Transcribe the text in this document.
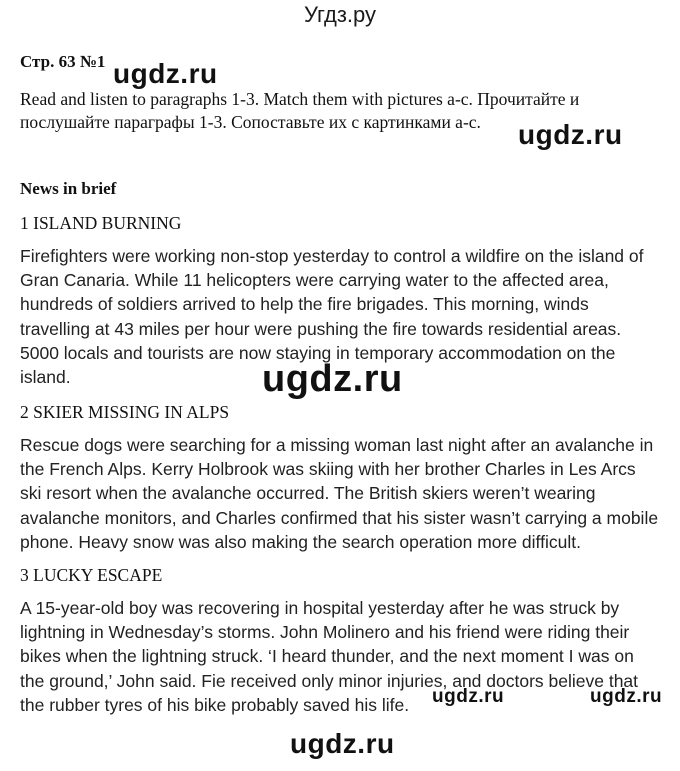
Угдз.ру
Стр. 63 №1
Read and listen to paragraphs 1-3. Match them with pictures a-c. Прочитайте и
послушайте параграфы 1-3. Сопоставьте их с картинками a-c.
News in brief
1 ISLAND BURNING
Firefighters were working non-stop yesterday to control a wildfire on the island of
Gran Canaria. While 11 helicopters were carrying water to the affected area,
hundreds of soldiers arrived to help the fire brigades. This morning, winds
travelling at 43 miles per hour were pushing the fire towards residential areas.
5000 locals and tourists are now staying in temporary accommodation on the
island.
2 SKIER MISSING IN ALPS
Rescue dogs were searching for a missing woman last night after an avalanche in
the French Alps. Kerry Holbrook was skiing with her brother Charles in Les Arcs
ski resort when the avalanche occurred. The British skiers weren’t wearing
avalanche monitors, and Charles confirmed that his sister wasn’t carrying a mobile
phone. Heavy snow was also making the search operation more difficult.
3 LUCKY ESCAPE
A 15-year-old boy was recovering in hospital yesterday after he was struck by
lightning in Wednesday’s storms. John Molinero and his friend were riding their
bikes when the lightning struck. ‘I heard thunder, and the next moment I was on
the ground,’ John said. Fie received only minor injuries, and doctors believe that
the rubber tyres of his bike probably saved his life.
ugdz.ru
ugdz.ru
ugdz.ru
ugdz.ru	ugdz.ru
ugdz.ru
